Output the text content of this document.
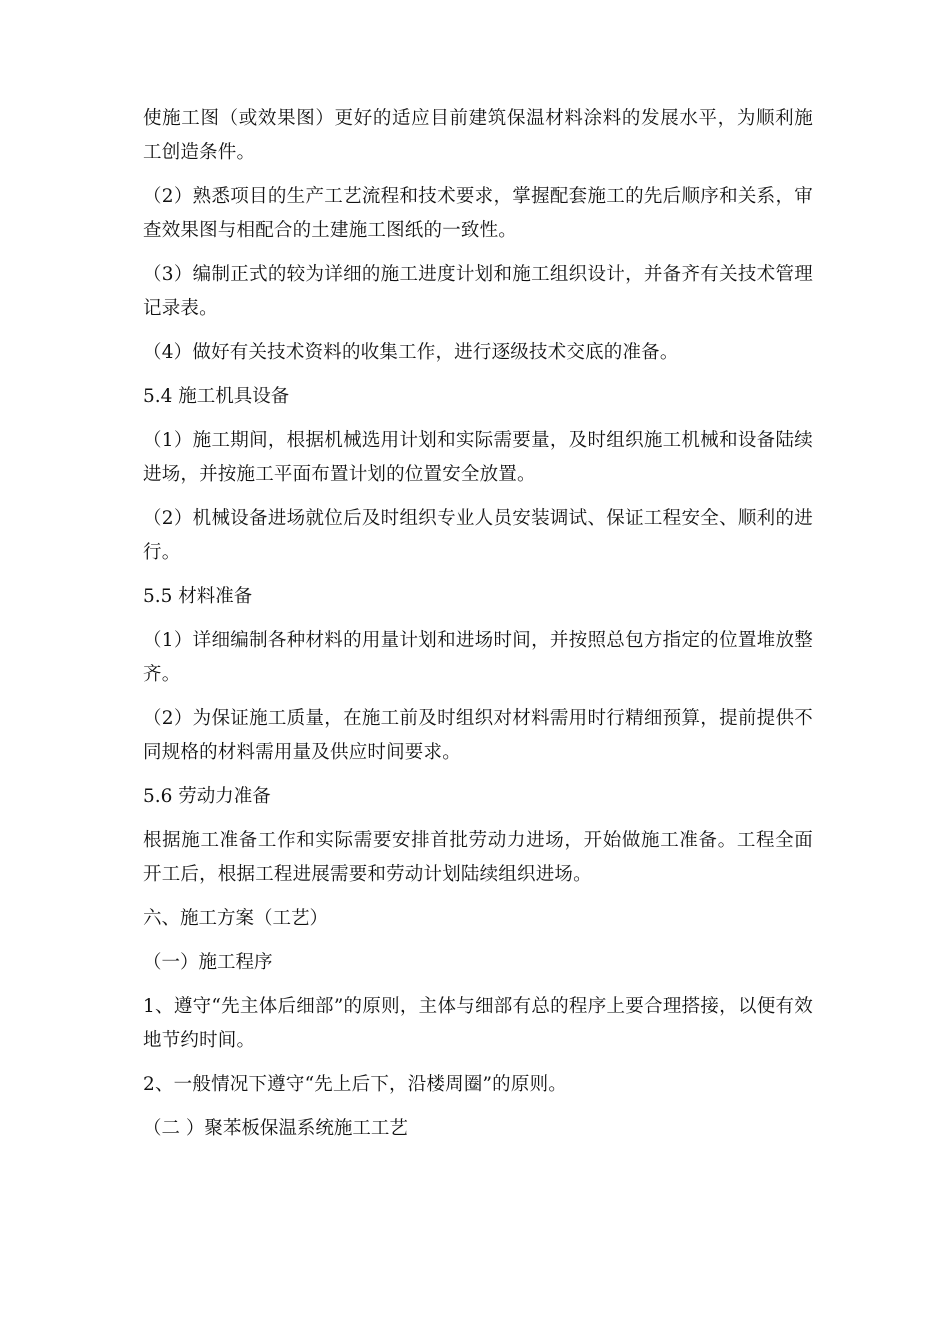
使施工图（或效果图）更好的适应目前建筑保温材料涂料的发展水平，为顺利施工创造条件。

（2）熟悉项目的生产工艺流程和技术要求，掌握配套施工的先后顺序和关系，审查效果图与相配合的土建施工图纸的一致性。

（3）编制正式的较为详细的施工进度计划和施工组织设计，并备齐有关技术管理记录表。

（4）做好有关技术资料的收集工作，进行逐级技术交底的准备。

5.4 施工机具设备

（1）施工期间，根据机械选用计划和实际需要量，及时组织施工机械和设备陆续进场，并按施工平面布置计划的位置安全放置。

（2）机械设备进场就位后及时组织专业人员安装调试、保证工程安全、顺利的进行。

5.5 材料准备

（1）详细编制各种材料的用量计划和进场时间，并按照总包方指定的位置堆放整齐。

（2）为保证施工质量，在施工前及时组织对材料需用时行精细预算，提前提供不同规格的材料需用量及供应时间要求。

5.6 劳动力准备

根据施工准备工作和实际需要安排首批劳动力进场，开始做施工准备。工程全面开工后，根据工程进展需要和劳动计划陆续组织进场。

六、施工方案（工艺）

（一）施工程序

1、遵守“先主体后细部”的原则，主体与细部有总的程序上要合理搭接，以便有效地节约时间。

2、一般情况下遵守“先上后下，沿楼周圈”的原则。

（二 ）聚苯板保温系统施工工艺
